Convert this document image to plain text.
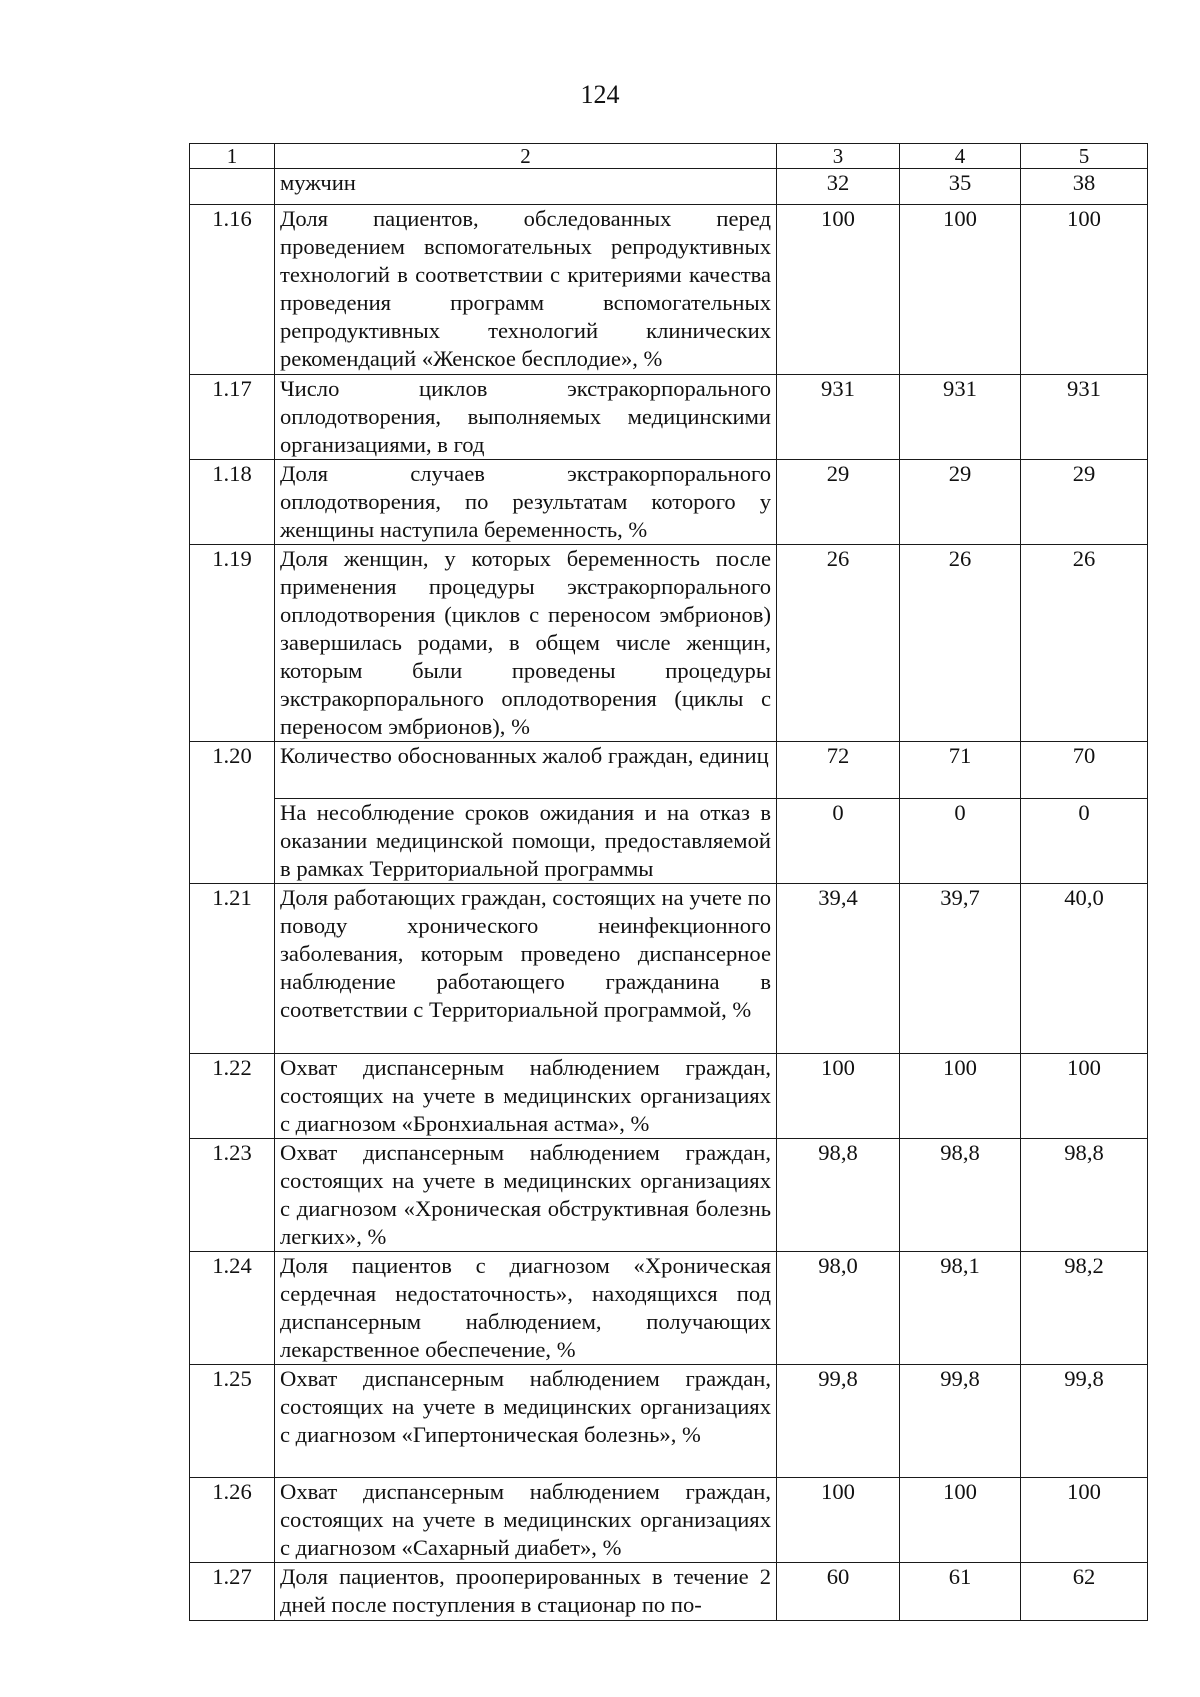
124
1	2	3	4	5
	мужчин	32	35	38
1.16	Доля пациентов, обследованных перед проведением вспомогательных репродуктивных технологий в соответствии с критериями качества проведения программ вспомогательных репродуктивных технологий клинических рекомендаций «Женское бесплодие», %	100	100	100
1.17	Число циклов экстракорпорального оплодотворения, выполняемых медицинскими организациями, в год	931	931	931
1.18	Доля случаев экстракорпорального оплодотворения, по результатам которого у женщины наступила беременность, %	29	29	29
1.19	Доля женщин, у которых беременность после применения процедуры экстракорпорального оплодотворения (циклов с переносом эмбрионов) завершилась родами, в общем числе женщин, которым были проведены процедуры экстракорпорального оплодотворения (циклы с переносом эмбрионов), %	26	26	26
1.20	Количество обоснованных жалоб граждан, единиц	72	71	70
	На несоблюдение сроков ожидания и на отказ в оказании медицинской помощи, предоставляемой в рамках Территориальной программы	0	0	0
1.21	Доля работающих граждан, состоящих на учете по поводу хронического неинфекционного заболевания, которым проведено диспансерное наблюдение работающего гражданина в соответствии с Территориальной программой, %	39,4	39,7	40,0
1.22	Охват диспансерным наблюдением граждан, состоящих на учете в медицинских организациях с диагнозом «Бронхиальная астма», %	100	100	100
1.23	Охват диспансерным наблюдением граждан, состоящих на учете в медицинских организациях с диагнозом «Хроническая обструктивная болезнь легких», %	98,8	98,8	98,8
1.24	Доля пациентов с диагнозом «Хроническая сердечная недостаточность», находящихся под диспансерным наблюдением, получающих лекарственное обеспечение, %	98,0	98,1	98,2
1.25	Охват диспансерным наблюдением граждан, состоящих на учете в медицинских организациях с диагнозом «Гипертоническая болезнь», %	99,8	99,8	99,8
1.26	Охват диспансерным наблюдением граждан, состоящих на учете в медицинских организациях с диагнозом «Сахарный диабет», %	100	100	100
1.27	Доля пациентов, прооперированных в течение 2 дней после поступления в стационар по по-	60	61	62
